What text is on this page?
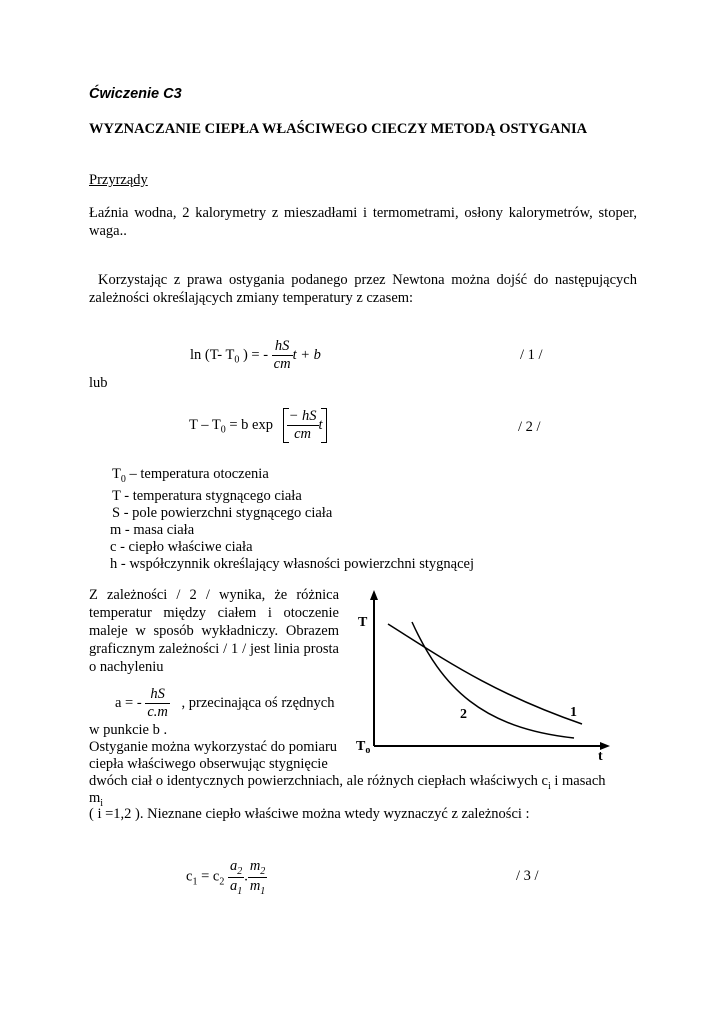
Ćwiczenie C3
WYZNACZANIE CIEPŁA WŁAŚCIWEGO CIECZY METODĄ OSTYGANIA
Przyrządy
Łaźnia wodna, 2 kalorymetry z mieszadłami i termometrami, osłony kalorymetrów, stoper, waga..
Korzystając z prawa ostygania podanego przez Newtona można dojść do następujących zależności określających zmiany temperatury z czasem:
ln (T- $T_0$ ) = - $\frac{hS}{cm}$ t + b	/ 1 /
lub
$T - T_0 = b$ $\exp \frac{- hS}{cm}$ t	/ 2 /
$T_0$ – temperatura otoczenia
T - temperatura stygnącego ciała
S - pole powierzchni stygnącego ciała
m - masa ciała
c - ciepło właściwe ciała
h - współczynnik określający własności powierzchni stygnącej
Z zależności / 2 / wynika, że różnica temperatur między ciałem i otoczenie maleje w sposób wykładniczy. Obrazem graficznym zależności / 1 / jest linia prosta o nachyleniu
a = - $\frac{hS}{c.m}$ , przecinająca oś rzędnych
w punkcie b .
Ostyganie można wykorzystać do pomiaru
ciepła właściwego obserwując stygnięcie
dwóch ciał o identycznych powierzchniach, ale różnych ciepłach właściwych $c_i$ i masach
$m_i$
( i =1,2 ). Nieznane ciepło właściwe można wtedy wyznaczyć z zależności :
$c_1 = c_2 \frac{a_2}{a_1}$ . $\frac{m_2}{m_1}$	/ 3 /
T
$T_o$	t
1
2
